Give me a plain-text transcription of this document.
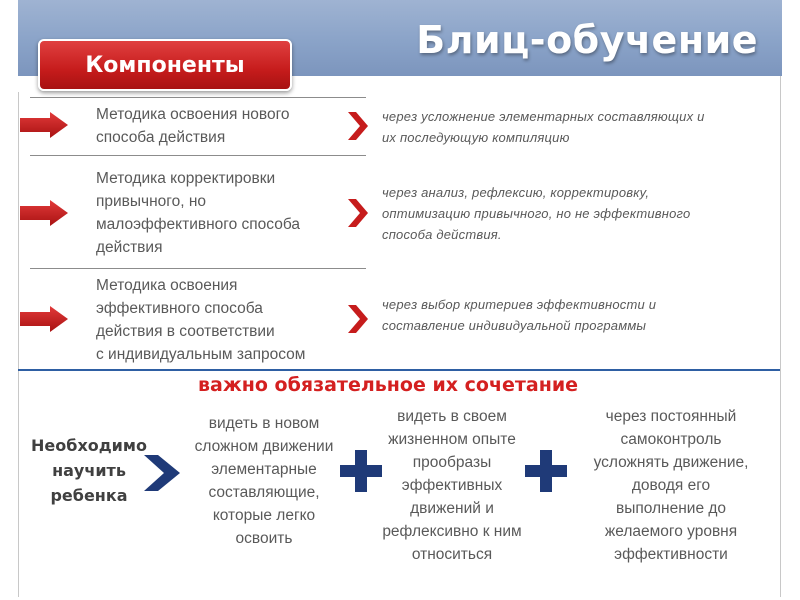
Блиц-обучение
Компоненты
Методика освоения нового
способа действия
через усложнение элементарных составляющих и
их последующую компиляцию
Методика корректировки
привычного, но
малоэффективного способа
действия
через анализ, рефлексию, корректировку,
оптимизацию привычного, но не эффективного
способа действия.
Методика освоения
эффективного способа
действия в соответствии
с индивидуальным запросом
через выбор критериев эффективности и
составление индивидуальной программы
важно обязательное их сочетание
Необходимо
научить
ребенка
видеть в новом
сложном движении
элементарные
составляющие,
которые легко
освоить
видеть в своем
жизненном опыте
прообразы
эффективных
движений и
рефлексивно к ним
относиться
через постоянный
самоконтроль
усложнять движение,
доводя его
выполнение до
желаемого уровня
эффективности
